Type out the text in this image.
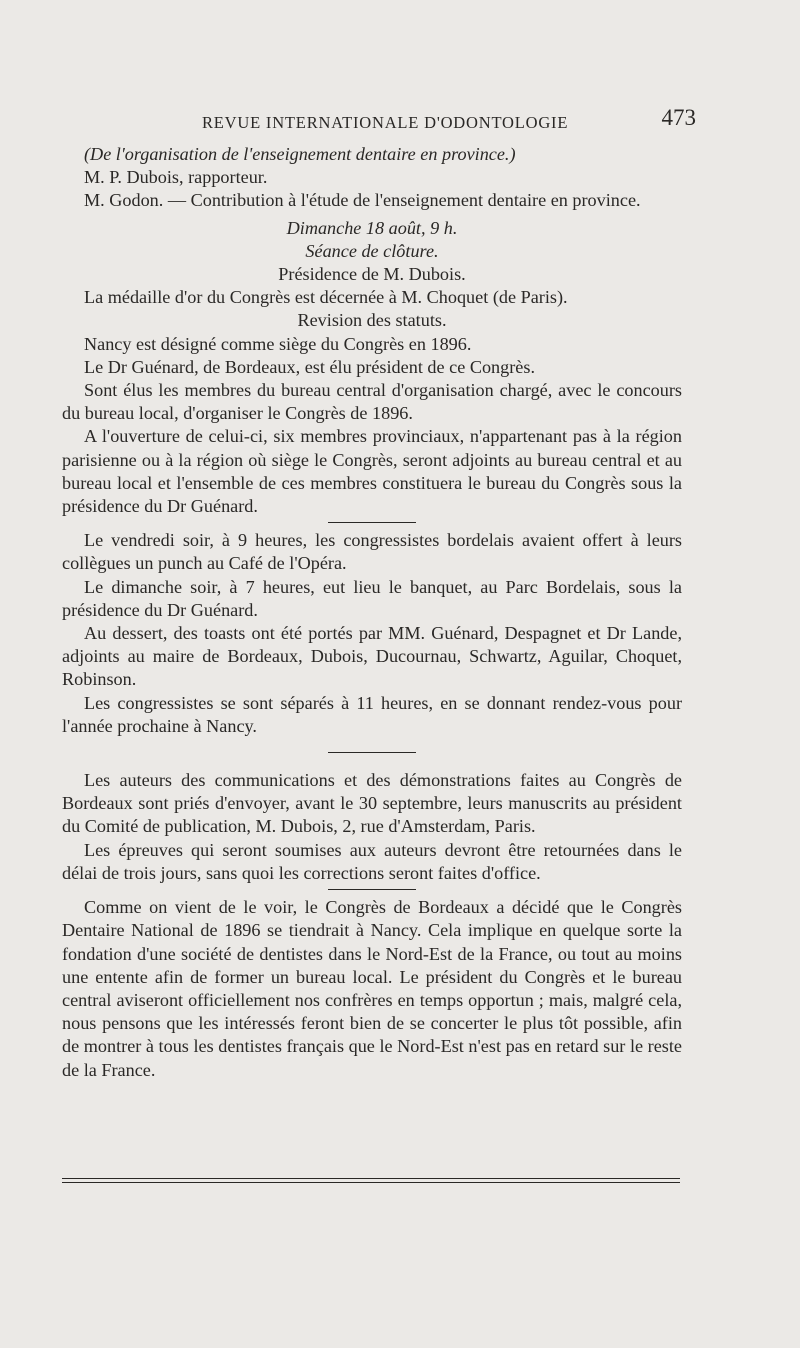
REVUE INTERNATIONALE D'ODONTOLOGIE	473

(De l'organisation de l'enseignement dentaire en province.)

M. P. Dubois, rapporteur.

M. Godon. — Contribution à l'étude de l'enseignement dentaire en province.

Dimanche 18 août, 9 h.

Séance de clôture.

Présidence de M. Dubois.

La médaille d'or du Congrès est décernée à M. Choquet (de Paris).

Revision des statuts.

Nancy est désigné comme siège du Congrès en 1896.

Le Dr Guénard, de Bordeaux, est élu président de ce Congrès.

Sont élus les membres du bureau central d'organisation chargé, avec le concours du bureau local, d'organiser le Congrès de 1896.

A l'ouverture de celui-ci, six membres provinciaux, n'appartenant pas à la région parisienne ou à la région où siège le Congrès, seront adjoints au bureau central et au bureau local et l'ensemble de ces membres constituera le bureau du Congrès sous la présidence du Dr Guénard.

Le vendredi soir, à 9 heures, les congressistes bordelais avaient offert à leurs collègues un punch au Café de l'Opéra.

Le dimanche soir, à 7 heures, eut lieu le banquet, au Parc Bordelais, sous la présidence du Dr Guénard.

Au dessert, des toasts ont été portés par MM. Guénard, Despagnet et Dr Lande, adjoints au maire de Bordeaux, Dubois, Ducournau, Schwartz, Aguilar, Choquet, Robinson.

Les congressistes se sont séparés à 11 heures, en se donnant rendez-vous pour l'année prochaine à Nancy.

Les auteurs des communications et des démonstrations faites au Congrès de Bordeaux sont priés d'envoyer, avant le 30 septembre, leurs manuscrits au président du Comité de publication, M. Dubois, 2, rue d'Amsterdam, Paris.

Les épreuves qui seront soumises aux auteurs devront être retournées dans le délai de trois jours, sans quoi les corrections seront faites d'office.

Comme on vient de le voir, le Congrès de Bordeaux a décidé que le Congrès Dentaire National de 1896 se tiendrait à Nancy. Cela implique en quelque sorte la fondation d'une société de dentistes dans le Nord-Est de la France, ou tout au moins une entente afin de former un bureau local. Le président du Congrès et le bureau central aviseront officiellement nos confrères en temps opportun ; mais, malgré cela, nous pensons que les intéressés feront bien de se concerter le plus tôt possible, afin de montrer à tous les dentistes français que le Nord-Est n'est pas en retard sur le reste de la France.
